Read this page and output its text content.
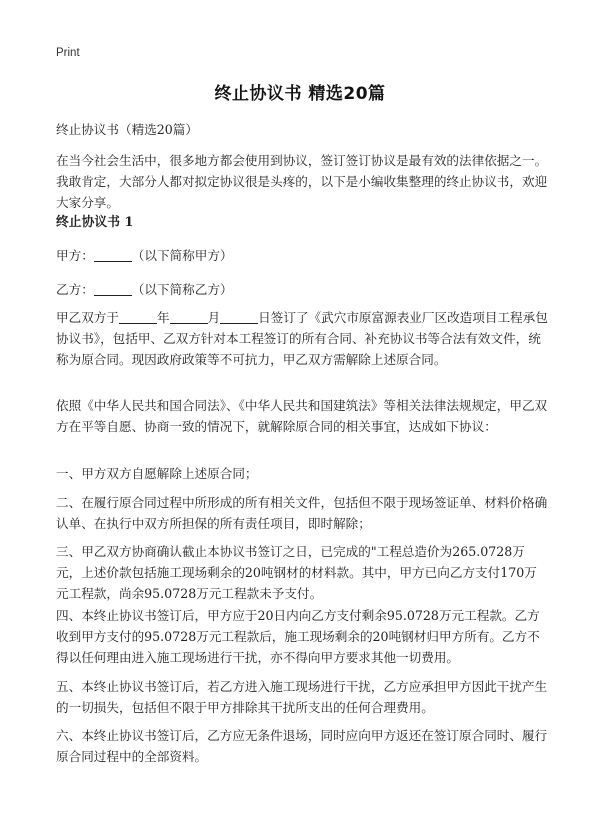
Print
终止协议书 精选20篇

终止协议书（精选20篇）

在当今社会生活中，很多地方都会使用到协议，签订签订协议是最有效的法律依据之一。我敢肯定，大部分人都对拟定协议很是头疼的，以下是小编收集整理的终止协议书，欢迎大家分享。

终止协议书 1

甲方：	（以下简称甲方）

乙方：	（以下简称乙方）

甲乙双方于	年	月	日签订了《武穴市原富源表业厂区改造项目工程承包协议书》，包括甲、乙双方针对本工程签订的所有合同、补充协议书等合法有效文件，统称为原合同。现因政府政策等不可抗力，甲乙双方需解除上述原合同。

依照《中华人民共和国合同法》、《中华人民共和国建筑法》等相关法律法规规定，甲乙双方在平等自愿、协商一致的情况下，就解除原合同的相关事宜，达成如下协议：

一、甲方双方自愿解除上述原合同；

二、在履行原合同过程中所形成的所有相关文件，包括但不限于现场签证单、材料价格确认单、在执行中双方所担保的所有责任项目，即时解除；

三、甲乙双方协商确认截止本协议书签订之日，已完成的"工程总造价为265.0728万元，上述价款包括施工现场剩余的20吨钢材的材料款。其中，甲方已向乙方支付170万元工程款，尚余95.0728万元工程款未予支付。

四、本终止协议书签订后，甲方应于20日内向乙方支付剩余95.0728万元工程款。乙方收到甲方支付的95.0728万元工程款后，施工现场剩余的20吨钢材归甲方所有。乙方不得以任何理由进入施工现场进行干扰，亦不得向甲方要求其他一切费用。

五、本终止协议书签订后，若乙方进入施工现场进行干扰，乙方应承担甲方因此干扰产生的一切损失，包括但不限于甲方排除其干扰所支出的任何合理费用。

六、本终止协议书签订后，乙方应无条件退场，同时应向甲方返还在签订原合同时、履行原合同过程中的全部资料。
